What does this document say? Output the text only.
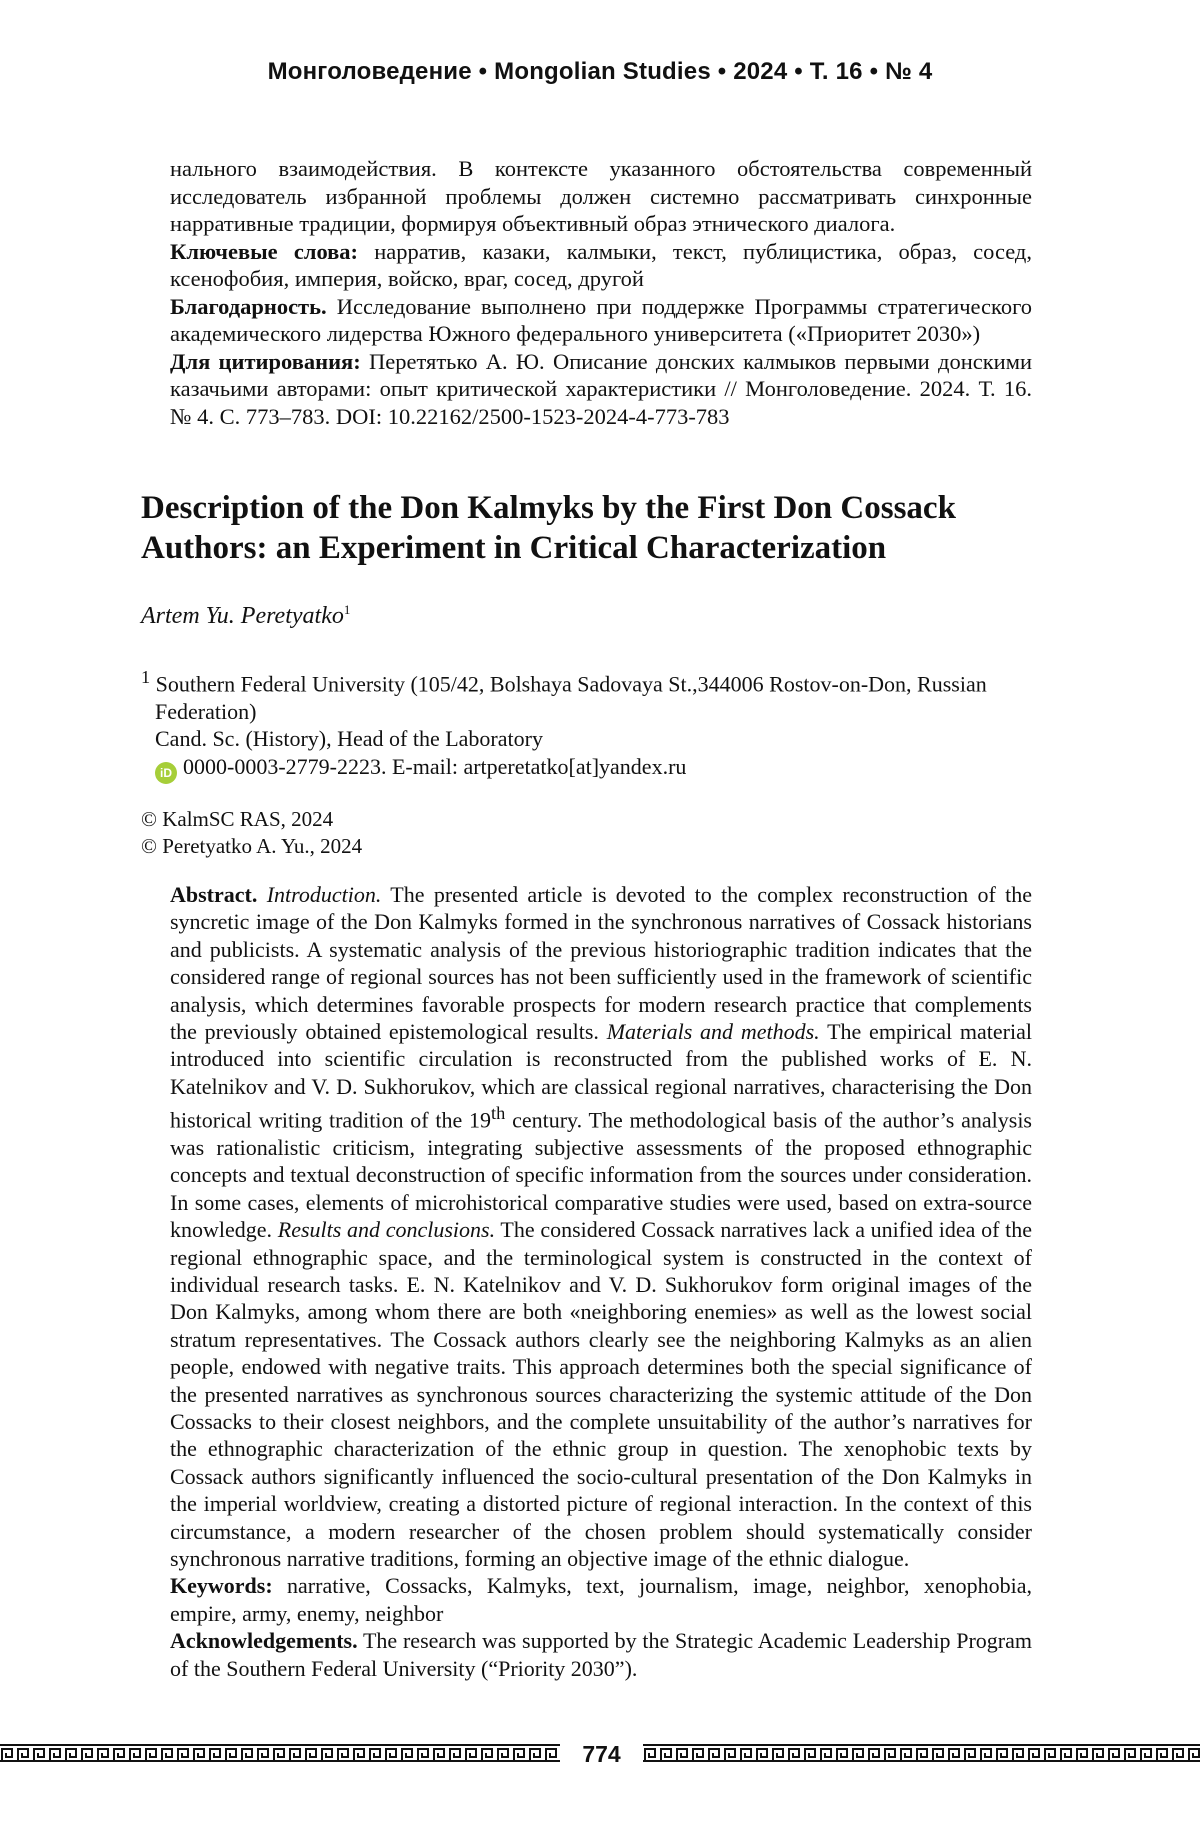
Монголоведение • Mongolian Studies • 2024 • Т. 16 • № 4

нального взаимодействия. В контексте указанного обстоятельства современный исследователь избранной проблемы должен системно рассматривать синхронные нарративные традиции, формируя объективный образ этнического диалога.

Ключевые слова: нарратив, казаки, калмыки, текст, публицистика, образ, сосед, ксенофобия, империя, войско, враг, сосед, другой

Благодарность. Исследование выполнено при поддержке Программы стратегического академического лидерства Южного федерального университета («Приоритет 2030»)

Для цитирования: Перетятько А. Ю. Описание донских калмыков первыми донскими казачьими авторами: опыт критической характеристики // Монголоведение. 2024. Т. 16. № 4. С. 773–783. DOI: 10.22162/2500-1523-2024-4-773-783

Description of the Don Kalmyks by the First Don Cossack Authors: an Experiment in Critical Characterization
Artem Yu. Peretyatko$^1$
$^1$ Southern Federal University (105/42, Bolshaya Sadovaya St.,344006 Rostov-on-Don, Russian Federation)
Cand. Sc. (History), Head of the Laboratory
iD 0000-0003-2779-2223. E-mail: artperetatko[at]yandex.ru
© KalmSC RAS, 2024
© Peretyatko A. Yu., 2024

Abstract. Introduction. The presented article is devoted to the complex reconstruction of the syncretic image of the Don Kalmyks formed in the synchronous narratives of Cossack historians and publicists. A systematic analysis of the previous historiographic tradition indicates that the considered range of regional sources has not been sufficiently used in the framework of scientific analysis, which determines favorable prospects for modern research practice that complements the previously obtained epistemological results. Materials and methods. The empirical material introduced into scientific circulation is reconstructed from the published works of E. N. Katelnikov and V. D. Sukhorukov, which are classical regional narratives, characterising the Don historical writing tradition of the 19th century. The methodological basis of the author’s analysis was rationalistic criticism, integrating subjective assessments of the proposed ethnographic concepts and textual deconstruction of specific information from the sources under consideration. In some cases, elements of microhistorical comparative studies were used, based on extra-source knowledge. Results and conclusions. The considered Cossack narratives lack a unified idea of the regional ethnographic space, and the terminological system is constructed in the context of individual research tasks. E. N. Katelnikov and V. D. Sukhorukov form original images of the Don Kalmyks, among whom there are both «neighboring enemies» as well as the lowest social stratum representatives. The Cossack authors clearly see the neighboring Kalmyks as an alien people, endowed with negative traits. This approach determines both the special significance of the presented narratives as synchronous sources characterizing the systemic attitude of the Don Cossacks to their closest neighbors, and the complete unsuitability of the author’s narratives for the ethnographic characterization of the ethnic group in question. The xenophobic texts by Cossack authors significantly influenced the socio-cultural presentation of the Don Kalmyks in the imperial worldview, creating a distorted picture of regional interaction. In the context of this circumstance, a modern researcher of the chosen problem should systematically consider synchronous narrative traditions, forming an objective image of the ethnic dialogue.

Keywords: narrative, Cossacks, Kalmyks, text, journalism, image, neighbor, xenophobia, empire, army, enemy, neighbor

Acknowledgements. The research was supported by the Strategic Academic Leadership Program of the Southern Federal University (“Priority 2030”).

774
